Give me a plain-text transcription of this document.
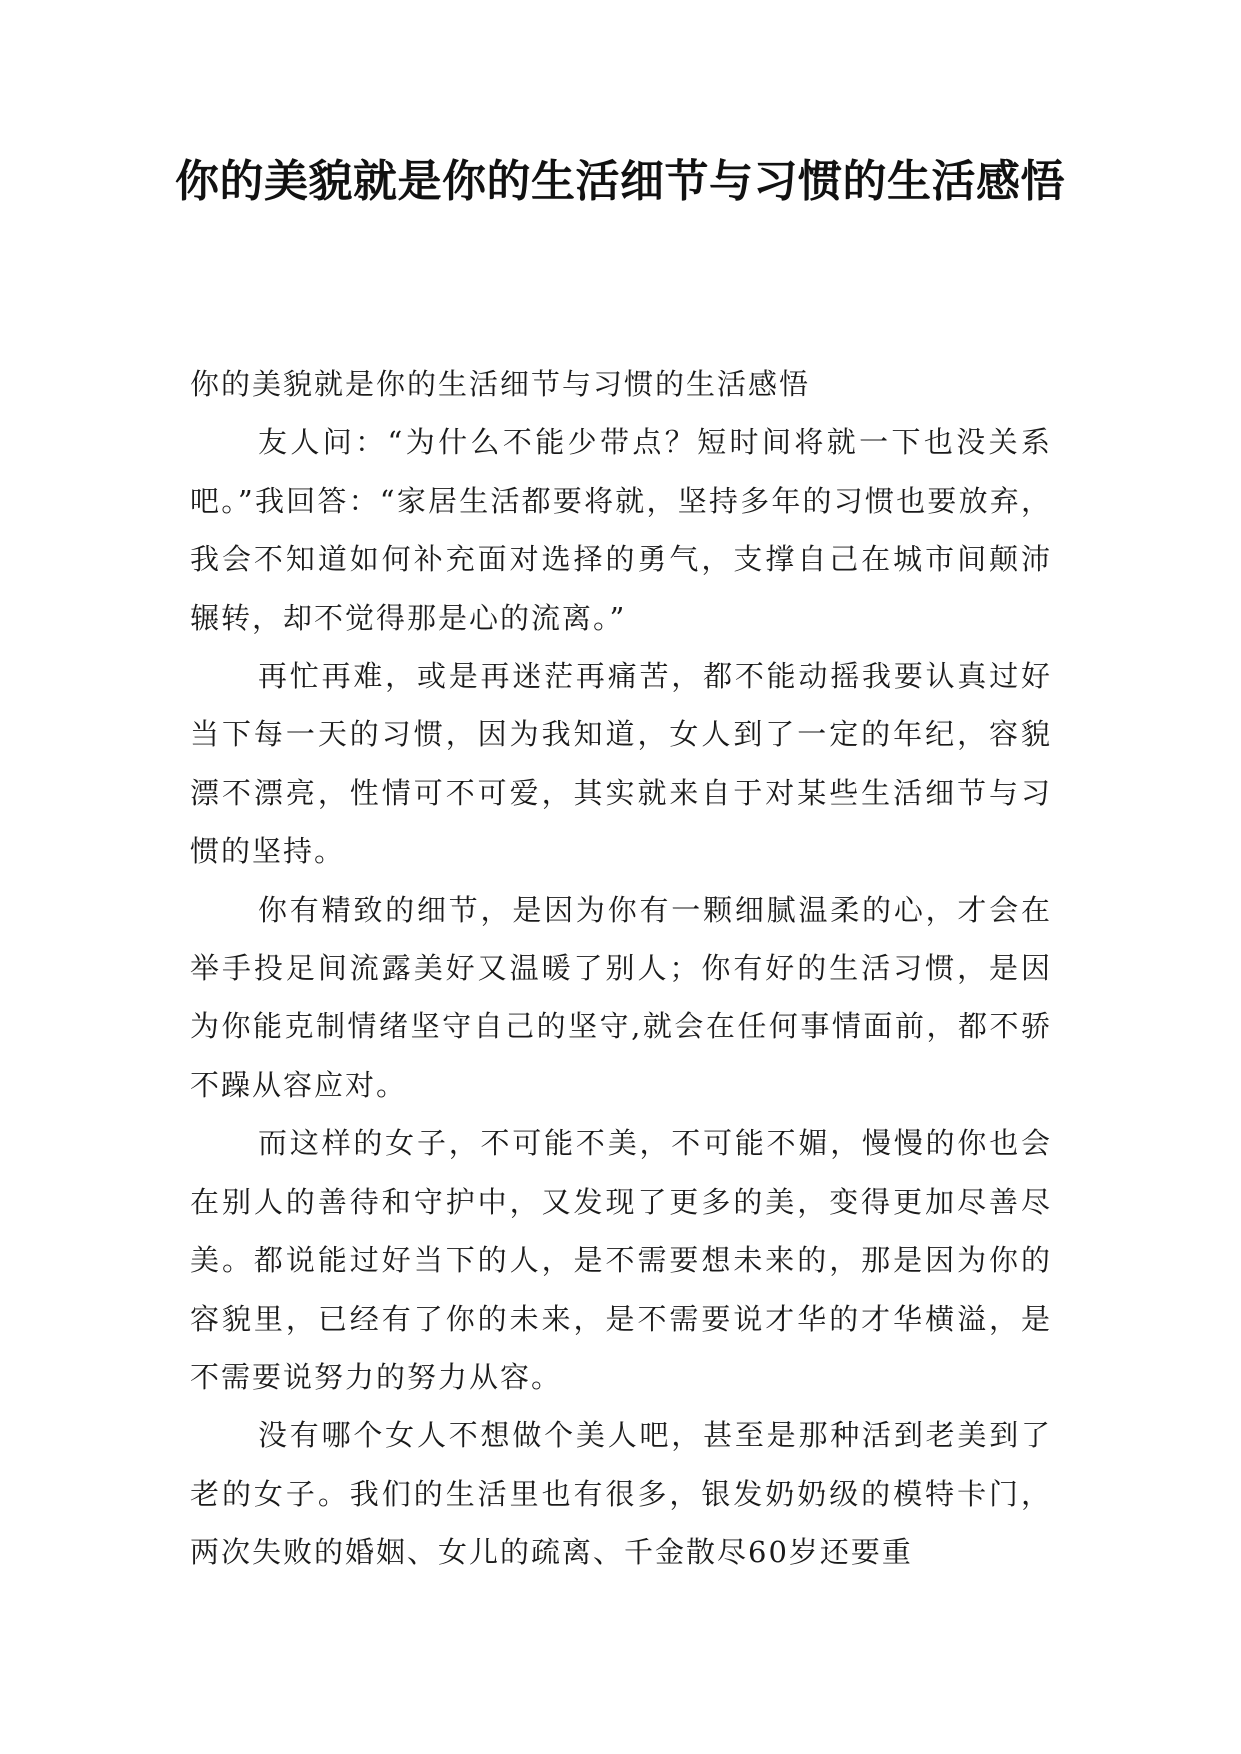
你的美貌就是你的生活细节与习惯的生活感悟

你的美貌就是你的生活细节与习惯的生活感悟

友人问：“为什么不能少带点？短时间将就一下也没关系吧。”我回答：“家居生活都要将就，坚持多年的习惯也要放弃，我会不知道如何补充面对选择的勇气，支撑自己在城市间颠沛辗转，却不觉得那是心的流离。”

再忙再难，或是再迷茫再痛苦，都不能动摇我要认真过好当下每一天的习惯，因为我知道，女人到了一定的年纪，容貌漂不漂亮，性情可不可爱，其实就来自于对某些生活细节与习惯的坚持。

你有精致的细节，是因为你有一颗细腻温柔的心，才会在举手投足间流露美好又温暖了别人；你有好的生活习惯，是因为你能克制情绪坚守自己的坚守,就会在任何事情面前，都不骄不躁从容应对。

而这样的女子，不可能不美，不可能不媚，慢慢的你也会在别人的善待和守护中，又发现了更多的美，变得更加尽善尽美。都说能过好当下的人，是不需要想未来的，那是因为你的容貌里，已经有了你的未来，是不需要说才华的才华横溢，是不需要说努力的努力从容。

没有哪个女人不想做个美人吧，甚至是那种活到老美到了老的女子。我们的生活里也有很多，银发奶奶级的模特卡门，两次失败的婚姻、女儿的疏离、千金散尽60岁还要重
